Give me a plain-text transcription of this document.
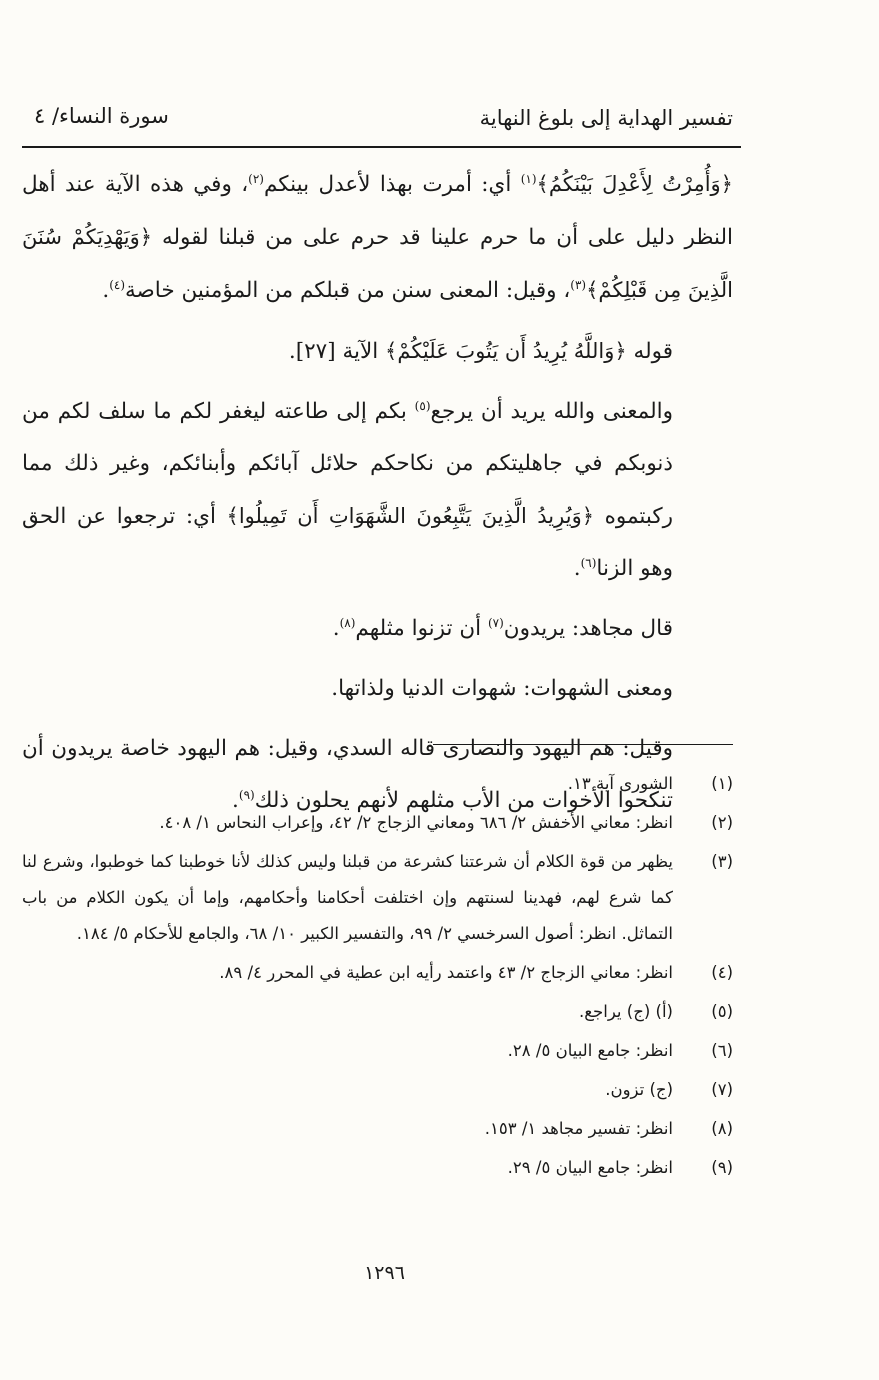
تفسير الهداية إلى بلوغ النهاية
سورة النساء/ ٤

﴿وَأُمِرْتُ لِأَعْدِلَ بَيْنَكُمُ﴾$^{(١)}$ أي: أمرت بهذا لأعدل بينكم$^{(٢)}$، وفي هذه الآية عند أهل النظر دليل على أن ما حرم علينا قد حرم على من قبلنا لقوله ﴿وَيَهْدِيَكُمْ سُنَنَ الَّذِينَ مِن قَبْلِكُمْ﴾$^{(٣)}$، وقيل: المعنى سنن من قبلكم من المؤمنين خاصة$^{(٤)}$.

قوله ﴿وَاللَّهُ يُرِيدُ أَن يَتُوبَ عَلَيْكُمْ﴾ الآية [٢٧].

والمعنى والله يريد أن يرجع$^{(٥)}$ بكم إلى طاعته ليغفر لكم ما سلف لكم من ذنوبكم في جاهليتكم من نكاحكم حلائل آبائكم وأبنائكم، وغير ذلك مما ركبتموه ﴿وَيُرِيدُ الَّذِينَ يَتَّبِعُونَ الشَّهَوَاتِ أَن تَمِيلُوا﴾ أي: ترجعوا عن الحق وهو الزنا$^{(٦)}$.

قال مجاهد: يريدون$^{(٧)}$ أن تزنوا مثلهم$^{(٨)}$.

ومعنى الشهوات: شهوات الدنيا ولذاتها.

وقيل: هم اليهود والنصارى قاله السدي، وقيل: هم اليهود خاصة يريدون أن تنكحوا الأخوات من الأب مثلهم لأنهم يحلون ذلك$^{(٩)}$.

(١)
الشورى آية ١٣.
(٢)
انظر: معاني الأخفش ٢/ ٦٨٦ ومعاني الزجاج ٢/ ٤٢، وإعراب النحاس ١/ ٤٠٨.
(٣)
يظهر من قوة الكلام أن شرعتنا كشرعة من قبلنا وليس كذلك لأنا خوطبنا كما خوطبوا، وشرع لنا كما شرع لهم، فهدينا لسنتهم وإن اختلفت أحكامنا وأحكامهم، وإما أن يكون الكلام من باب التماثل. انظر: أصول السرخسي ٢/ ٩٩، والتفسير الكبير ١٠/ ٦٨، والجامع للأحكام ٥/ ١٨٤.
(٤)
انظر: معاني الزجاج ٢/ ٤٣ واعتمد رأيه ابن عطية في المحرر ٤/ ٨٩.
(٥)
(أ) (ج) يراجع.
(٦)
انظر: جامع البيان ٥/ ٢٨.
(٧)
(ج) تزون.
(٨)
انظر: تفسير مجاهد ١/ ١٥٣.
(٩)
انظر: جامع البيان ٥/ ٢٩.
١٢٩٦
